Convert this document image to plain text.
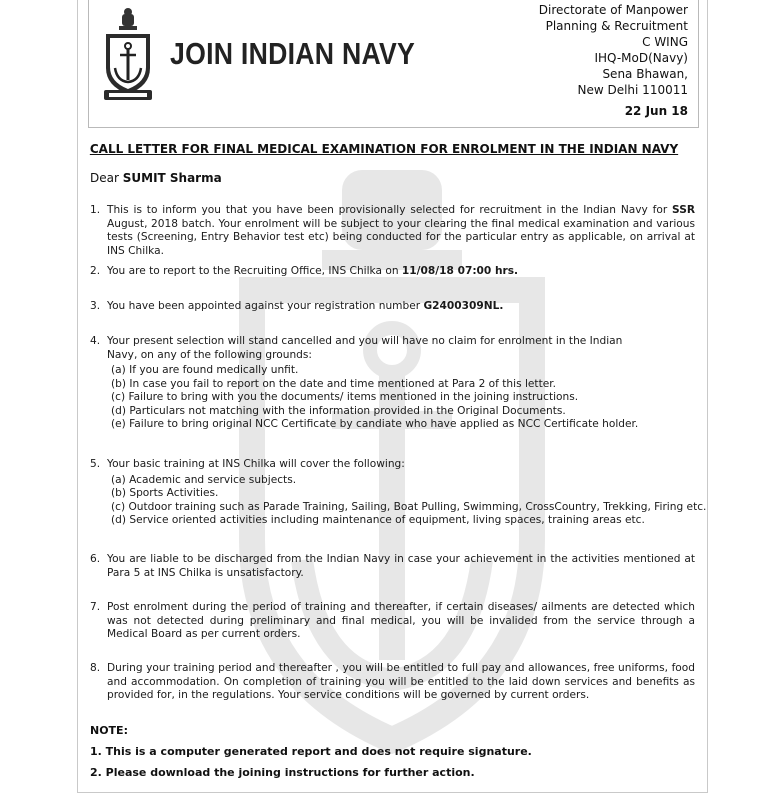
JOIN INDIAN NAVY
Directorate of Manpower
Planning & Recruitment
C WING
IHQ-MoD(Navy)
Sena Bhawan,
New Delhi 110011
22 Jun 18
CALL LETTER FOR FINAL MEDICAL EXAMINATION FOR ENROLMENT IN THE INDIAN NAVY
Dear SUMIT Sharma
1. This is to inform you that you have been provisionally selected for recruitment in the Indian Navy for SSR August, 2018 batch. Your enrolment will be subject to your clearing the final medical examination and various tests (Screening, Entry Behavior test etc) being conducted for the particular entry as applicable, on arrival at INS Chilka.
2. You are to report to the Recruiting Office, INS Chilka on 11/08/18 07:00 hrs.
3. You have been appointed against your registration number G2400309NL.
4. Your present selection will stand cancelled and you will have no claim for enrolment in the Indian
Navy, on any of the following grounds:
(a) If you are found medically unfit.
(b) In case you fail to report on the date and time mentioned at Para 2 of this letter.
(c) Failure to bring with you the documents/ items mentioned in the joining instructions.
(d) Particulars not matching with the information provided in the Original Documents.
(e) Failure to bring original NCC Certificate by candiate who have applied as NCC Certificate holder.
5. Your basic training at INS Chilka will cover the following:
(a) Academic and service subjects.
(b) Sports Activities.
(c) Outdoor training such as Parade Training, Sailing, Boat Pulling, Swimming, CrossCountry, Trekking, Firing etc.
(d) Service oriented activities including maintenance of equipment, living spaces, training areas etc.
6. You are liable to be discharged from the Indian Navy in case your achievement in the activities mentioned at Para 5 at INS Chilka is unsatisfactory.
7. Post enrolment during the period of training and thereafter, if certain diseases/ ailments are detected which was not detected during preliminary and final medical, you will be invalided from the service through a Medical Board as per current orders.
8. During your training period and thereafter , you will be entitled to full pay and allowances, free uniforms, food and accommodation. On completion of training you will be entitled to the laid down services and benefits as provided for, in the regulations. Your service conditions will be governed by current orders.
NOTE:
1. This is a computer generated report and does not require signature.
2. Please download the joining instructions for further action.
